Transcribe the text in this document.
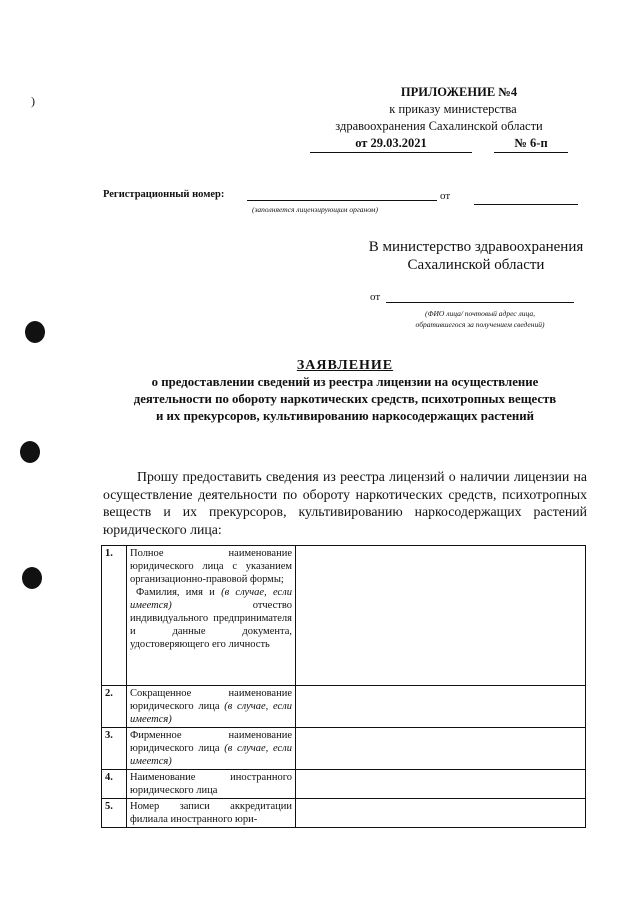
)
ПРИЛОЖЕНИЕ №4
к приказу министерства
здравоохранения Сахалинской области
от 29.03.2021	№ 6-п
Регистрационный номер:
(заполняется лицензирующим органом)
от
В министерство здравоохранения
Сахалинской области
от
(ФИО лица/ почтовый адрес лица,
обратившегося за получением сведений)
ЗАЯВЛЕНИЕ
о предоставлении сведений из реестра лицензии на осуществление
деятельности по обороту наркотических средств, психотропных веществ
и их прекурсоров, культивированию наркосодержащих растений
Прошу предоставить сведения из реестра лицензий о наличии лицензии на осуществление деятельности по обороту наркотических средств, психотропных веществ и их прекурсоров, культивированию наркосодержащих растений юридического лица:
1.	Полное наименование юридического лица с указанием организационно-правовой формы;
Фамилия, имя и (в случае, если имеется) отчество индивидуального предпринимателя и данные документа, удостоверяющего его личность	
2.	Сокращенное наименование юридического лица (в случае, если имеется)	
3.	Фирменное наименование юридического лица (в случае, если имеется)	
4.	Наименование иностранного юридического лица	
5.	Номер записи аккредитации филиала иностранного юри-	
